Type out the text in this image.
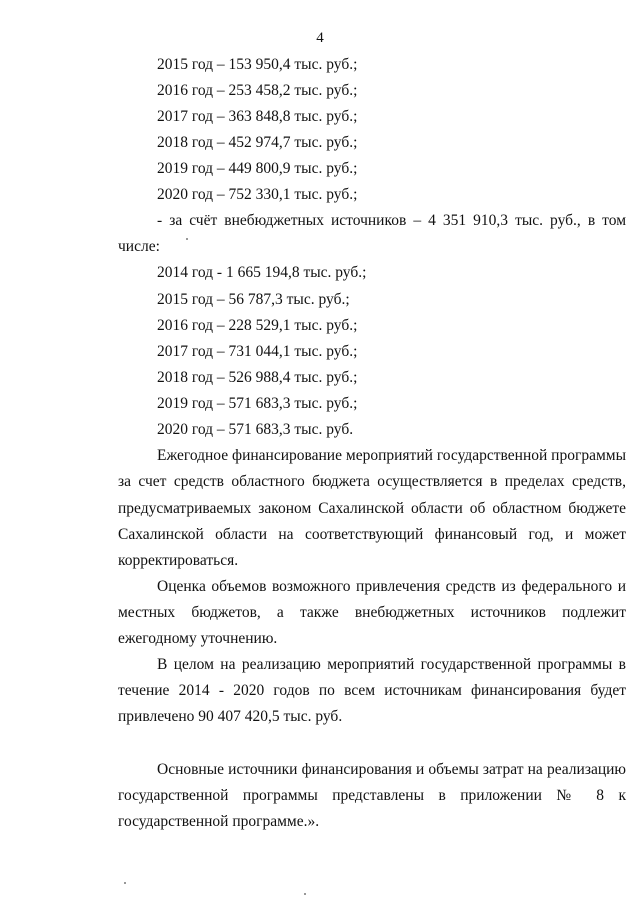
4
2015 год – 153 950,4 тыс. руб.;
2016 год – 253 458,2 тыс. руб.;
2017 год – 363 848,8 тыс. руб.;
2018 год – 452 974,7 тыс. руб.;
2019 год – 449 800,9 тыс. руб.;
2020 год – 752 330,1 тыс. руб.;
- за счёт внебюджетных источников – 4 351 910,3 тыс. руб., в том
числе:
2014 год - 1 665 194,8 тыс. руб.;
2015 год – 56 787,3 тыс. руб.;
2016 год – 228 529,1 тыс. руб.;
2017 год – 731 044,1 тыс. руб.;
2018 год – 526 988,4 тыс. руб.;
2019 год – 571 683,3 тыс. руб.;
2020 год – 571 683,3 тыс. руб.
Ежегодное финансирование мероприятий государственной программы
за счет средств областного бюджета осуществляется в пределах средств,
предусматриваемых законом Сахалинской области об областном бюджете
Сахалинской области на соответствующий финансовый год, и может
корректироваться.
Оценка объемов возможного привлечения средств из федерального и
местных бюджетов, а также внебюджетных источников подлежит
ежегодному уточнению.
В целом на реализацию мероприятий государственной программы в
течение 2014 - 2020 годов по всем источникам финансирования будет
привлечено 90 407 420,5 тыс. руб.
Основные источники финансирования и объемы затрат на реализацию
государственной программы представлены в приложении № 8 к
государственной программе.».
